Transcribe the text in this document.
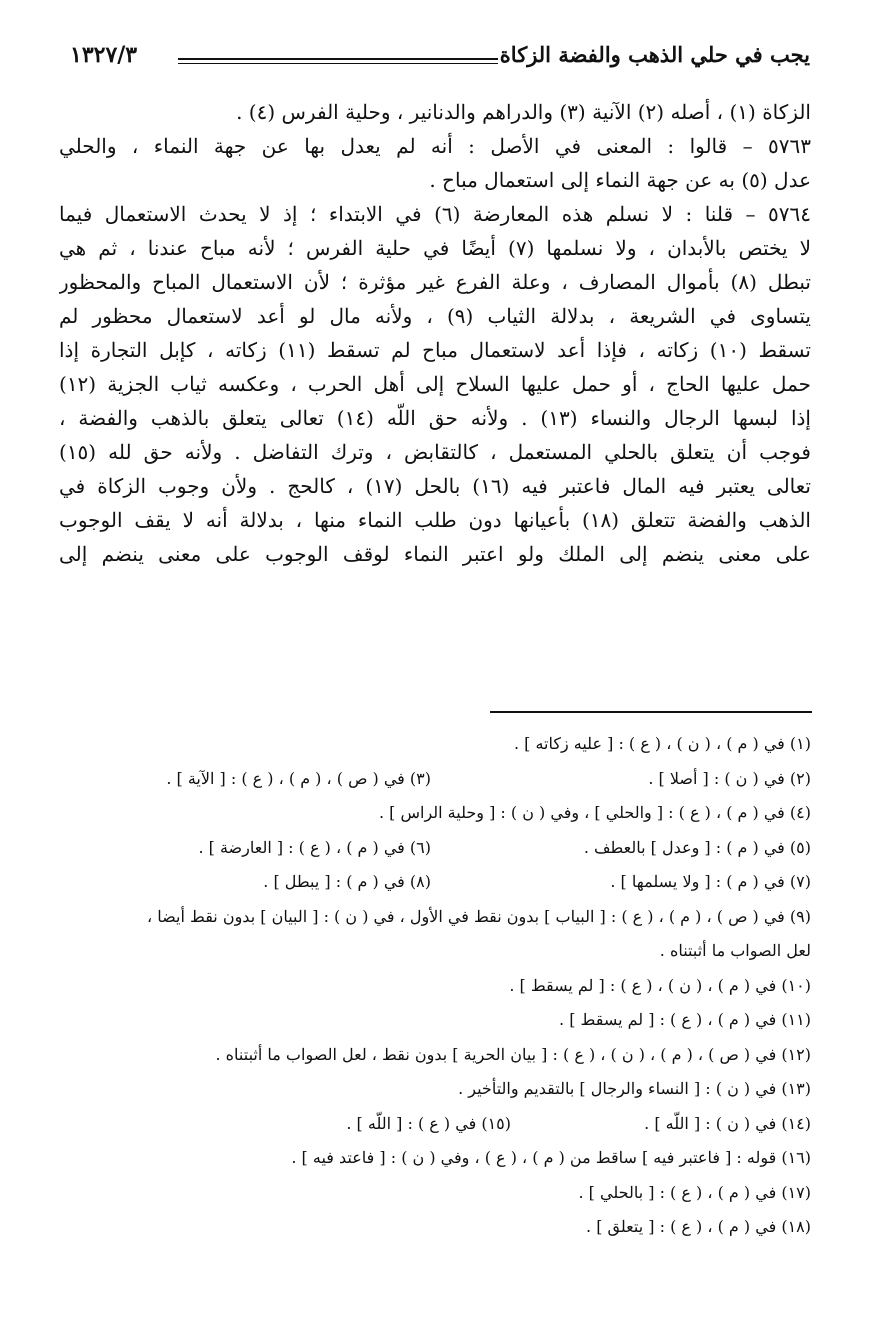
يجب في حلي الذهب والفضة الزكاة
١٣٢٧/٣
الزكاة (١) ، أصله (٢) الآنية (٣) والدراهم والدنانير ، وحلية الفرس (٤) .
٥٧٦٣ – قالوا : المعنى في الأصل : أنه لم يعدل بها عن جهة النماء ، والحلي
عدل (٥) به عن جهة النماء إلى استعمال مباح .
٥٧٦٤ – قلنا : لا نسلم هذه المعارضة (٦) في الابتداء ؛ إذ لا يحدث الاستعمال فيما
لا يختص بالأبدان ، ولا نسلمها (٧) أيضًا في حلية الفرس ؛ لأنه مباح عندنا ، ثم هي
تبطل (٨) بأموال المصارف ، وعلة الفرع غير مؤثرة ؛ لأن الاستعمال المباح والمحظور
يتساوى في الشريعة ، بدلالة الثياب (٩) ، ولأنه مال لو أعد لاستعمال محظور لم
تسقط (١٠) زكاته ، فإذا أعد لاستعمال مباح لم تسقط (١١) زكاته ، كإبل التجارة إذا
حمل عليها الحاج ، أو حمل عليها السلاح إلى أهل الحرب ، وعكسه ثياب الجزية (١٢)
إذا لبسها الرجال والنساء (١٣) . ولأنه حق اللّه (١٤) تعالى يتعلق بالذهب والفضة ،
فوجب أن يتعلق بالحلي المستعمل ، كالتقابض ، وترك التفاضل . ولأنه حق لله (١٥)
تعالى يعتبر فيه المال فاعتبر فيه (١٦) بالحل (١٧) ، كالحج . ولأن وجوب الزكاة في
الذهب والفضة تتعلق (١٨) بأعيانها دون طلب النماء منها ، بدلالة أنه لا يقف الوجوب
على معنى ينضم إلى الملك ولو اعتبر النماء لوقف الوجوب على معنى ينضم إلى
(١) في ( م ) ، ( ن ) ، ( ع ) : [ عليه زكاته ] .
(٢) في ( ن ) : [ أصلا ] .
(٣) في ( ص ) ، ( م ) ، ( ع ) : [ الآية ] .
(٤) في ( م ) ، ( ع ) : [ والحلي ] ، وفي ( ن ) : [ وحلية الراس ] .
(٥) في ( م ) : [ وعدل ] بالعطف .
(٦) في ( م ) ، ( ع ) : [ العارضة ] .
(٧) في ( م ) : [ ولا يسلمها ] .
(٨) في ( م ) : [ يبطل ] .
(٩) في ( ص ) ، ( م ) ، ( ع ) : [ البياب ] بدون نقط في الأول ، في ( ن ) : [ البيان ] بدون نقط أيضا ،
لعل الصواب ما أثبتناه .
(١٠) في ( م ) ، ( ن ) ، ( ع ) : [ لم يسقط ] .
(١١) في ( م ) ، ( ع ) : [ لم يسقط ] .
(١٢) في ( ص ) ، ( م ) ، ( ن ) ، ( ع ) : [ بيان الحرية ] بدون نقط ، لعل الصواب ما أثبتناه .
(١٣) في ( ن ) : [ النساء والرجال ] بالتقديم والتأخير .
(١٤) في ( ن ) : [ اللّه ] .
(١٥) في ( ع ) : [ اللّه ] .
(١٦) قوله : [ فاعتبر فيه ] ساقط من ( م ) ، ( ع ) ، وفي ( ن ) : [ فاعتد فيه ] .
(١٧) في ( م ) ، ( ع ) : [ بالحلي ] .
(١٨) في ( م ) ، ( ع ) : [ يتعلق ] .
